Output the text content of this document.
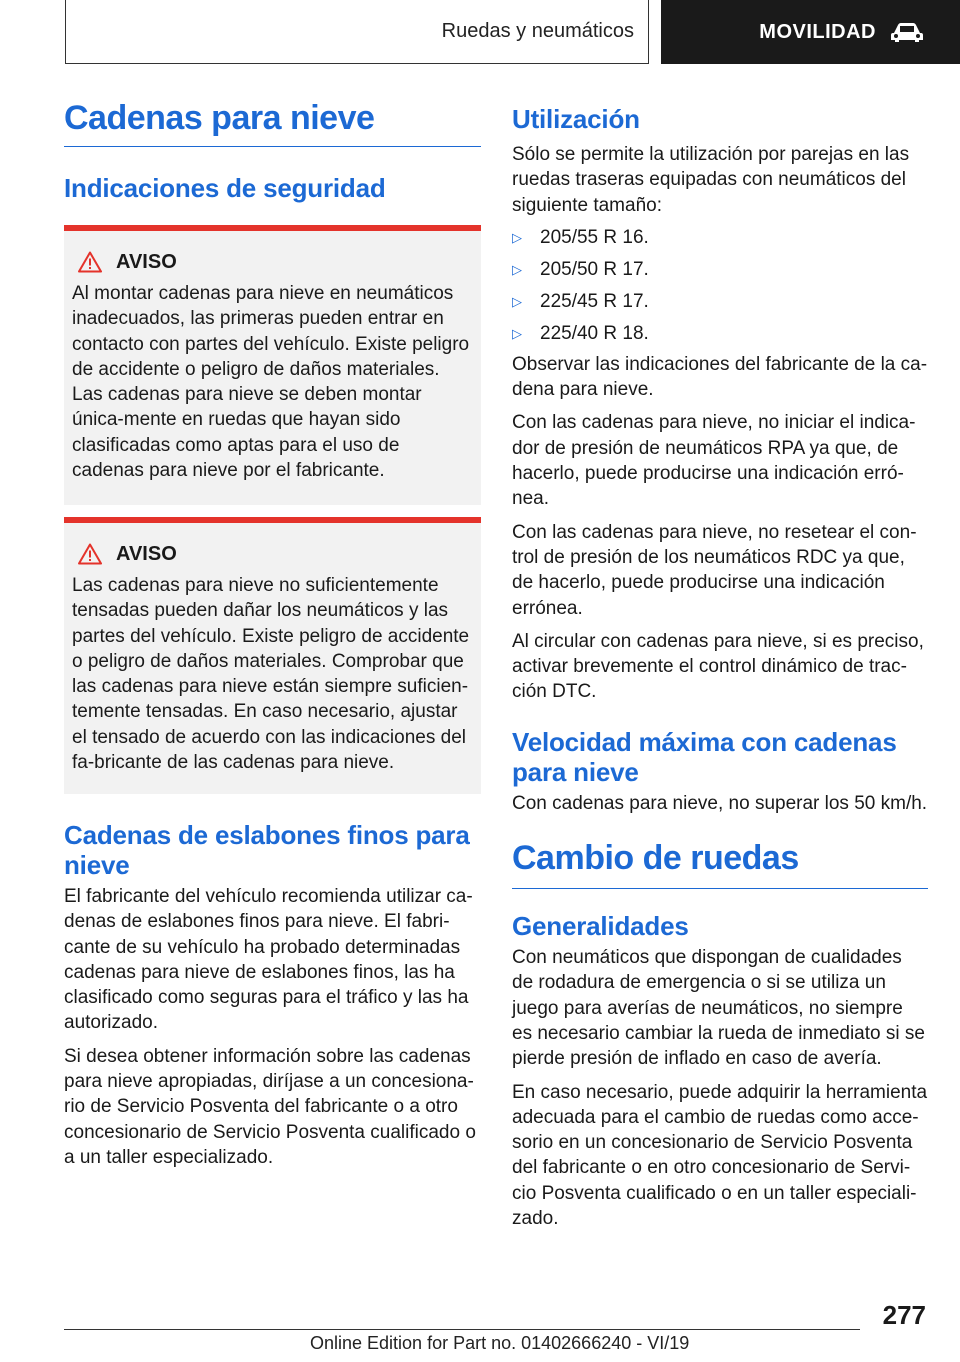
Ruedas y neumáticos	MOVILIDAD
Cadenas para nieve
Indicaciones de seguridad
AVISO

Al montar cadenas para nieve en neumáticos inadecuados, las primeras pueden entrar en contacto con partes del vehículo. Existe peligro de accidente o peligro de daños materiales. Las cadenas para nieve se deben montar única-mente en ruedas que hayan sido clasificadas como aptas para el uso de cadenas para nieve por el fabricante.

AVISO

Las cadenas para nieve no suficientemente tensadas pueden dañar los neumáticos y las partes del vehículo. Existe peligro de accidente o peligro de daños materiales. Comprobar que las cadenas para nieve están siempre suficien-temente tensadas. En caso necesario, ajustar el tensado de acuerdo con las indicaciones del fa-bricante de las cadenas para nieve.

Cadenas de eslabones finos para nieve

El fabricante del vehículo recomienda utilizar ca-denas de eslabones finos para nieve. El fabri-cante de su vehículo ha probado determinadas cadenas para nieve de eslabones finos, las ha clasificado como seguras para el tráfico y las ha autorizado.

Si desea obtener información sobre las cadenas para nieve apropiadas, diríjase a un concesiona-rio de Servicio Posventa del fabricante o a otro concesionario de Servicio Posventa cualificado o a un taller especializado.

Utilización

Sólo se permite la utilización por parejas en las ruedas traseras equipadas con neumáticos del siguiente tamaño:

▷ 205/55 R 16.
▷ 205/50 R 17.
▷ 225/45 R 17.
▷ 225/40 R 18.

Observar las indicaciones del fabricante de la ca-dena para nieve.

Con las cadenas para nieve, no iniciar el indica-dor de presión de neumáticos RPA ya que, de hacerlo, puede producirse una indicación erró-nea.

Con las cadenas para nieve, no resetear el con-trol de presión de los neumáticos RDC ya que, de hacerlo, puede producirse una indicación errónea.

Al circular con cadenas para nieve, si es preciso, activar brevemente el control dinámico de trac-ción DTC.

Velocidad máxima con cadenas para nieve

Con cadenas para nieve, no superar los 50 km/h.

Cambio de ruedas
Generalidades

Con neumáticos que dispongan de cualidades de rodadura de emergencia o si se utiliza un juego para averías de neumáticos, no siempre es necesario cambiar la rueda de inmediato si se pierde presión de inflado en caso de avería.

En caso necesario, puede adquirir la herramienta adecuada para el cambio de ruedas como acce-sorio en un concesionario de Servicio Posventa del fabricante o en otro concesionario de Servi-cio Posventa cualificado o en un taller especiali-zado.

277
Online Edition for Part no. 01402666240 - VI/19
